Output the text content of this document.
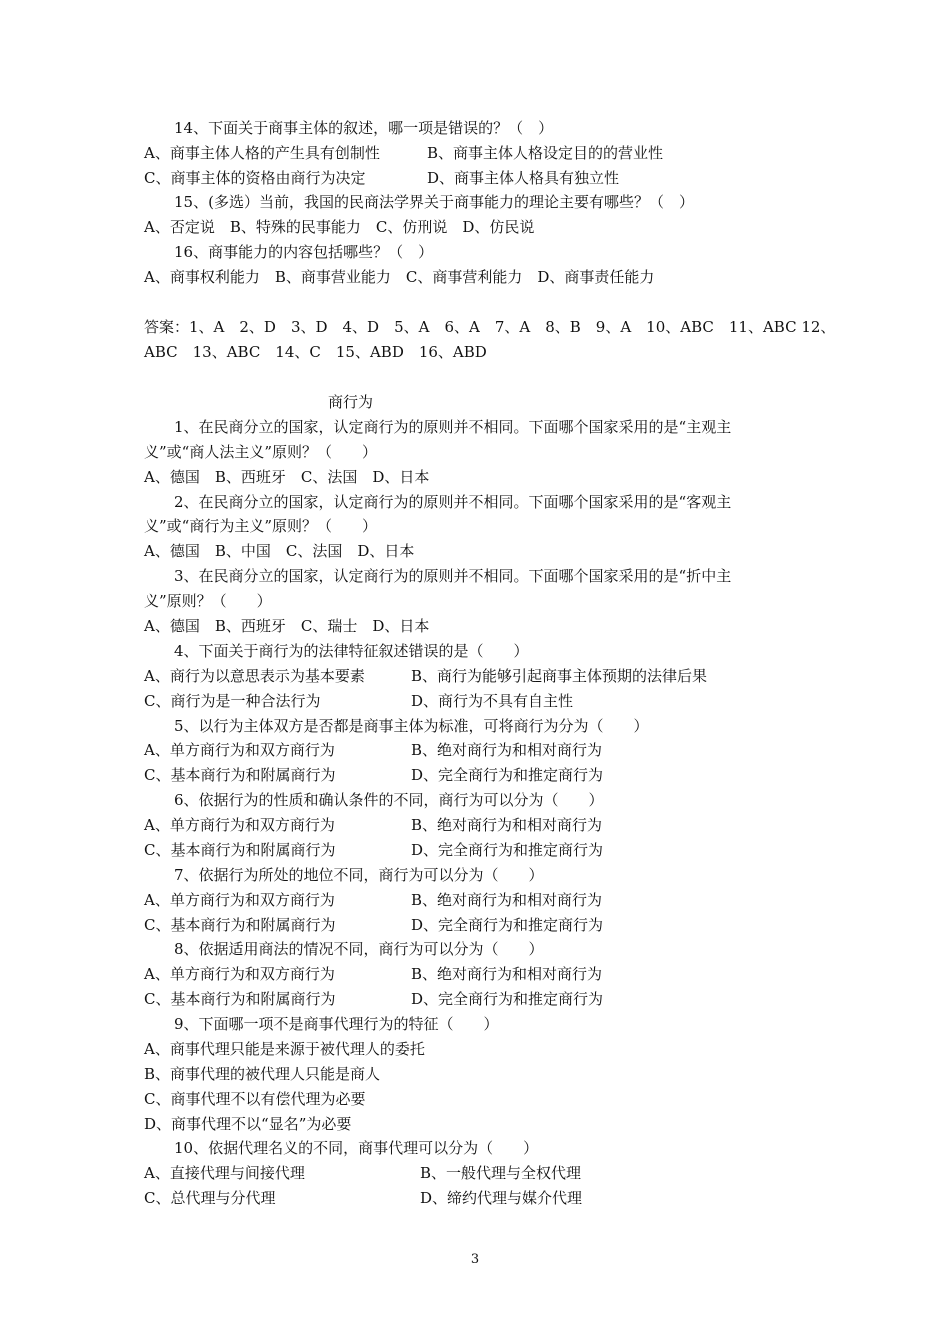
　　14、下面关于商事主体的叙述，哪一项是错误的？（　）
A、商事主体人格的产生具有创制性	B、商事主体人格设定目的的营业性
C、商事主体的资格由商行为决定	D、商事主体人格具有独立性
　　15、(多选）当前，我国的民商法学界关于商事能力的理论主要有哪些？（　）
A、否定说　B、特殊的民事能力　C、仿刑说　D、仿民说
　　16、商事能力的内容包括哪些？（　）
A、商事权利能力　B、商事营业能力　C、商事营利能力　D、商事责任能力
答案：1、A　2、D　3、D　4、D　5、A　6、A　7、A　8、B　9、A　10、ABC　11、ABC 12、
ABC　13、ABC　14、C　15、ABD　16、ABD
商行为
　　1、在民商分立的国家，认定商行为的原则并不相同。下面哪个国家采用的是“主观主
义”或“商人法主义”原则？（　　）
A、德国　B、西班牙　C、法国　D、日本
　　2、在民商分立的国家，认定商行为的原则并不相同。下面哪个国家采用的是“客观主
义”或“商行为主义”原则？（　　）
A、德国　B、中国　C、法国　D、日本
　　3、在民商分立的国家，认定商行为的原则并不相同。下面哪个国家采用的是“折中主
义”原则？（　　）
A、德国　B、西班牙　C、瑞士　D、日本
　　4、下面关于商行为的法律特征叙述错误的是（　　）
A、商行为以意思表示为基本要素	B、商行为能够引起商事主体预期的法律后果
C、商行为是一种合法行为	D、商行为不具有自主性
　　5、以行为主体双方是否都是商事主体为标准，可将商行为分为（　　）
A、单方商行为和双方商行为	B、绝对商行为和相对商行为
C、基本商行为和附属商行为	D、完全商行为和推定商行为
　　6、依据行为的性质和确认条件的不同，商行为可以分为（　　）
A、单方商行为和双方商行为	B、绝对商行为和相对商行为
C、基本商行为和附属商行为	D、完全商行为和推定商行为
　　7、依据行为所处的地位不同，商行为可以分为（　　）
A、单方商行为和双方商行为	B、绝对商行为和相对商行为
C、基本商行为和附属商行为	D、完全商行为和推定商行为
　　8、依据适用商法的情况不同，商行为可以分为（　　）
A、单方商行为和双方商行为	B、绝对商行为和相对商行为
C、基本商行为和附属商行为	D、完全商行为和推定商行为
　　9、下面哪一项不是商事代理行为的特征（　　）
A、商事代理只能是来源于被代理人的委托
B、商事代理的被代理人只能是商人
C、商事代理不以有偿代理为必要
D、商事代理不以“显名”为必要
　　10、依据代理名义的不同，商事代理可以分为（　　）
A、直接代理与间接代理	B、一般代理与全权代理
C、总代理与分代理	D、缔约代理与媒介代理
3
